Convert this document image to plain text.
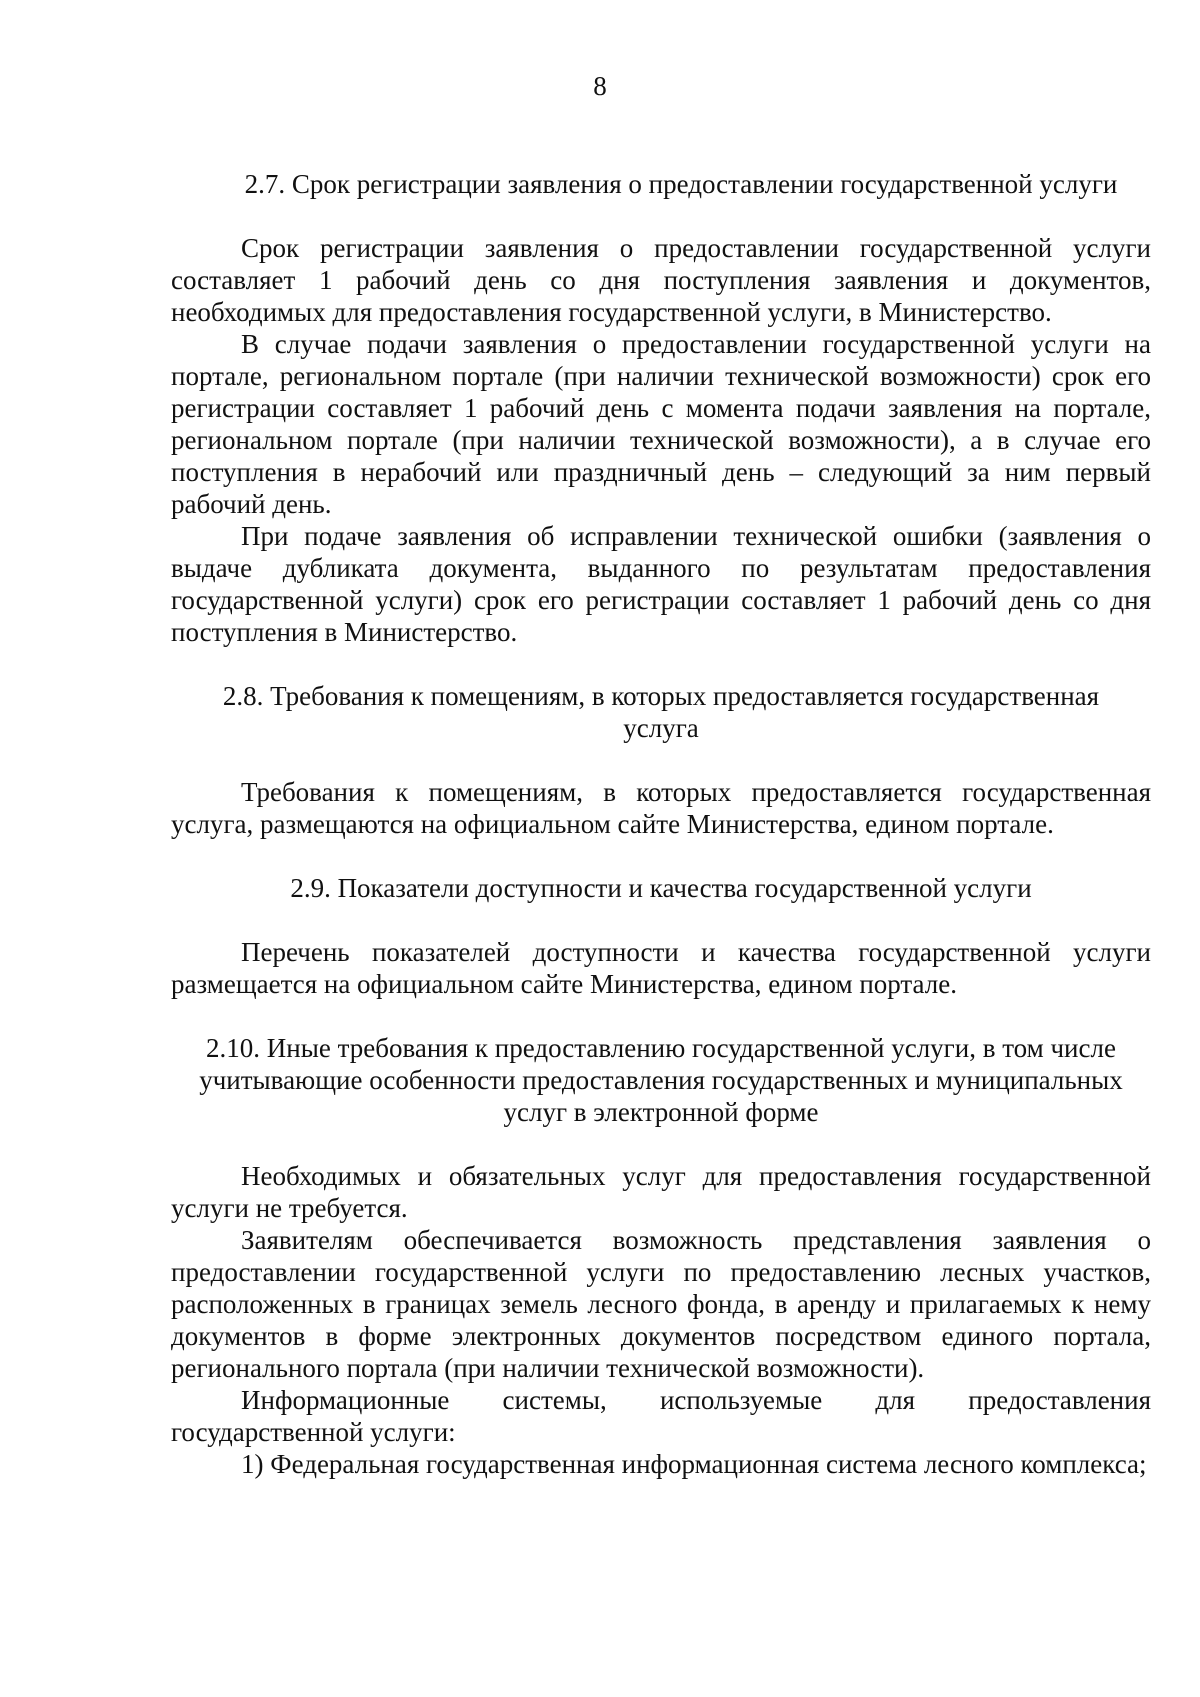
8
2.7. Срок регистрации заявления о предоставлении государственной услуги

Срок регистрации заявления о предоставлении государственной услуги составляет 1 рабочий день со дня поступления заявления и документов, необходимых для предоставления государственной услуги, в Министерство.

В случае подачи заявления о предоставлении государственной услуги на портале, региональном портале (при наличии технической возможности) срок его регистрации составляет 1 рабочий день с момента подачи заявления на портале, региональном портале (при наличии технической возможности), а в случае его поступления в нерабочий или праздничный день – следующий за ним первый рабочий день.

При подаче заявления об исправлении технической ошибки (заявления о выдаче дубликата документа, выданного по результатам предоставления государственной услуги) срок его регистрации составляет 1 рабочий день со дня поступления в Министерство.

2.8. Требования к помещениям, в которых предоставляется государственная услуга

Требования к помещениям, в которых предоставляется государственная услуга, размещаются на официальном сайте Министерства, едином портале.

2.9. Показатели доступности и качества государственной услуги

Перечень показателей доступности и качества государственной услуги размещается на официальном сайте Министерства, едином портале.

2.10. Иные требования к предоставлению государственной услуги, в том числе учитывающие особенности предоставления государственных и муниципальных услуг в электронной форме

Необходимых и обязательных услуг для предоставления государственной услуги не требуется.

Заявителям обеспечивается возможность представления заявления о предоставлении государственной услуги по предоставлению лесных участков, расположенных в границах земель лесного фонда, в аренду и прилагаемых к нему документов в форме электронных документов посредством единого портала, регионального портала (при наличии технической возможности).

Информационные системы, используемые для предоставления государственной услуги:

1) Федеральная государственная информационная система лесного комплекса;
